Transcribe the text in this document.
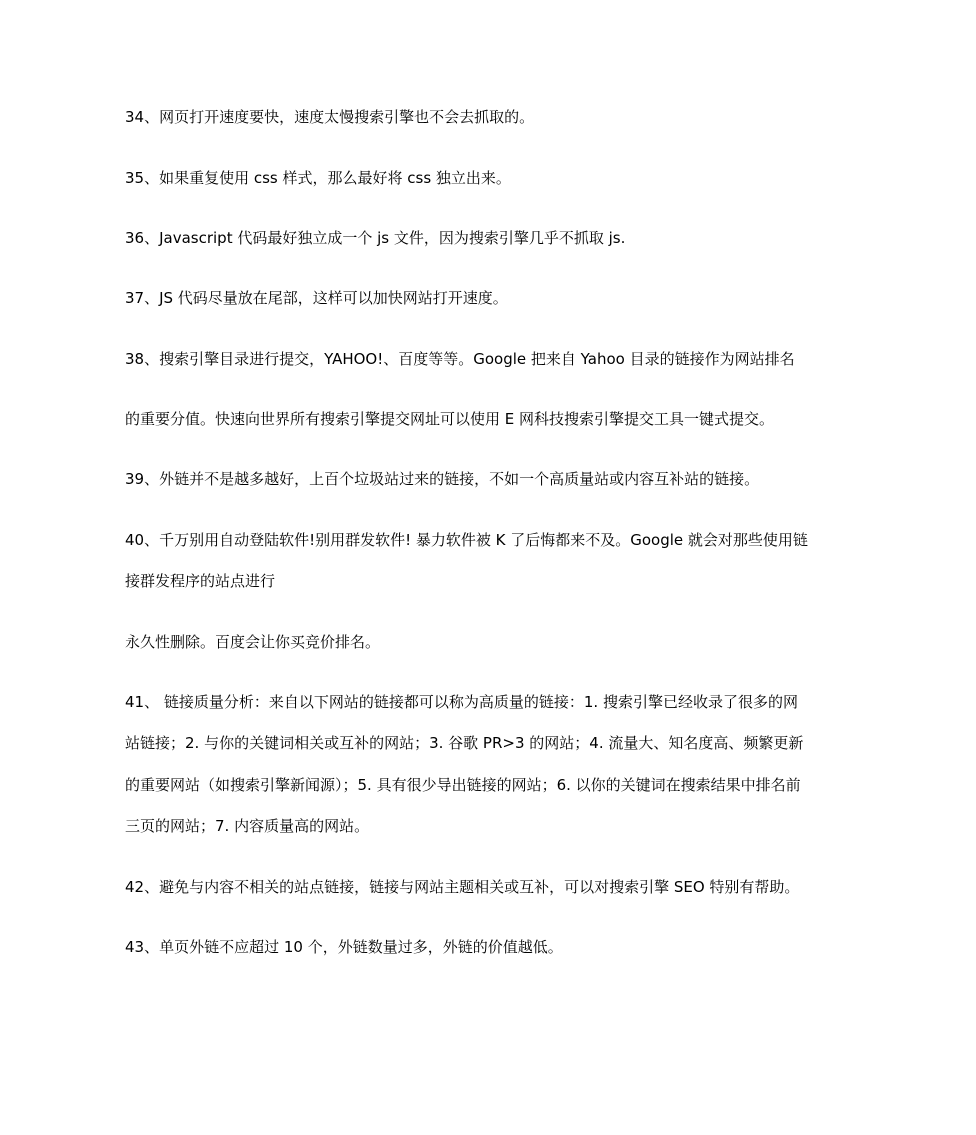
34、网页打开速度要快，速度太慢搜索引擎也不会去抓取的。
35、如果重复使用 css 样式，那么最好将 css 独立出来。
36、Javascript 代码最好独立成一个 js 文件，因为搜索引擎几乎不抓取 js.
37、JS 代码尽量放在尾部，这样可以加快网站打开速度。
38、搜索引擎目录进行提交，YAHOO!、百度等等。Google 把来自 Yahoo 目录的链接作为网站排名
的重要分值。快速向世界所有搜索引擎提交网址可以使用 E 网科技搜索引擎提交工具一键式提交。
39、外链并不是越多越好，上百个垃圾站过来的链接，不如一个高质量站或内容互补站的链接。
40、千万别用自动登陆软件!别用群发软件! 暴力软件被 K 了后悔都来不及。Google 就会对那些使用链
接群发程序的站点进行
永久性删除。百度会让你买竞价排名。
41、 链接质量分析：来自以下网站的链接都可以称为高质量的链接：1. 搜索引擎已经收录了很多的网
站链接；2. 与你的关键词相关或互补的网站；3. 谷歌 PR>3 的网站；4. 流量大、知名度高、频繁更新
的重要网站（如搜索引擎新闻源）；5. 具有很少导出链接的网站；6. 以你的关键词在搜索结果中排名前
三页的网站；7. 内容质量高的网站。
42、避免与内容不相关的站点链接，链接与网站主题相关或互补，可以对搜索引擎 SEO 特别有帮助。
43、单页外链不应超过 10 个，外链数量过多，外链的价值越低。
